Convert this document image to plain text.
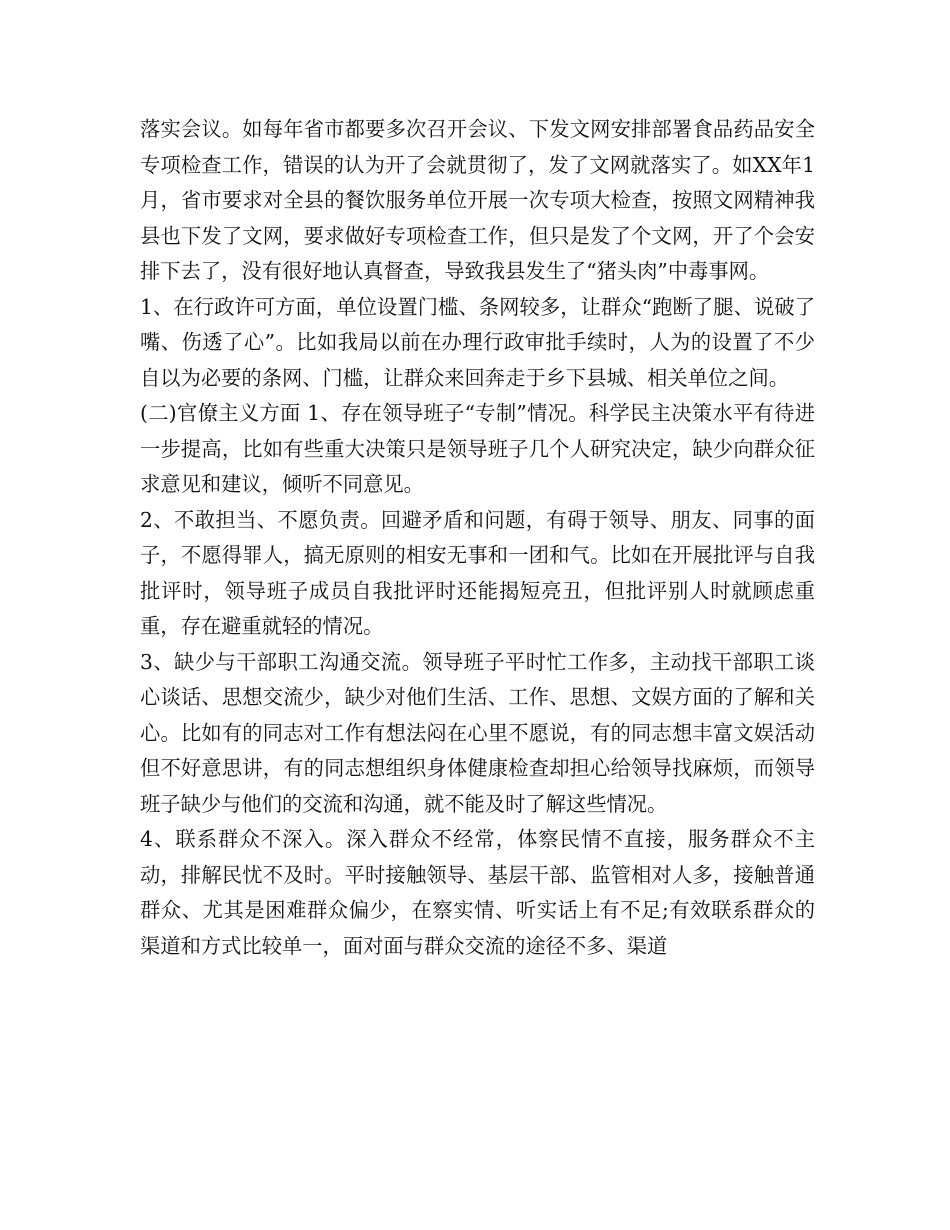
落实会议。如每年省市都要多次召开会议、下发文网安排部署食品药品安全专项检查工作，错误的认为开了会就贯彻了，发了文网就落实了。如XX年1月，省市要求对全县的餐饮服务单位开展一次专项大检查，按照文网精神我县也下发了文网，要求做好专项检查工作，但只是发了个文网，开了个会安排下去了，没有很好地认真督查，导致我县发生了“猪头肉”中毒事网。

1、在行政许可方面，单位设置门槛、条网较多，让群众“跑断了腿、说破了嘴、伤透了心”。比如我局以前在办理行政审批手续时，人为的设置了不少自以为必要的条网、门槛，让群众来回奔走于乡下县城、相关单位之间。

(二)官僚主义方面 1、存在领导班子“专制”情况。科学民主决策水平有待进一步提高，比如有些重大决策只是领导班子几个人研究决定，缺少向群众征求意见和建议，倾听不同意见。

2、不敢担当、不愿负责。回避矛盾和问题，有碍于领导、朋友、同事的面子，不愿得罪人，搞无原则的相安无事和一团和气。比如在开展批评与自我批评时，领导班子成员自我批评时还能揭短亮丑，但批评别人时就顾虑重重，存在避重就轻的情况。

3、缺少与干部职工沟通交流。领导班子平时忙工作多，主动找干部职工谈心谈话、思想交流少，缺少对他们生活、工作、思想、文娱方面的了解和关心。比如有的同志对工作有想法闷在心里不愿说，有的同志想丰富文娱活动但不好意思讲，有的同志想组织身体健康检查却担心给领导找麻烦，而领导班子缺少与他们的交流和沟通，就不能及时了解这些情况。

4、联系群众不深入。深入群众不经常，体察民情不直接，服务群众不主动，排解民忧不及时。平时接触领导、基层干部、监管相对人多，接触普通群众、尤其是困难群众偏少，在察实情、听实话上有不足;有效联系群众的渠道和方式比较单一，面对面与群众交流的途径不多、渠道
